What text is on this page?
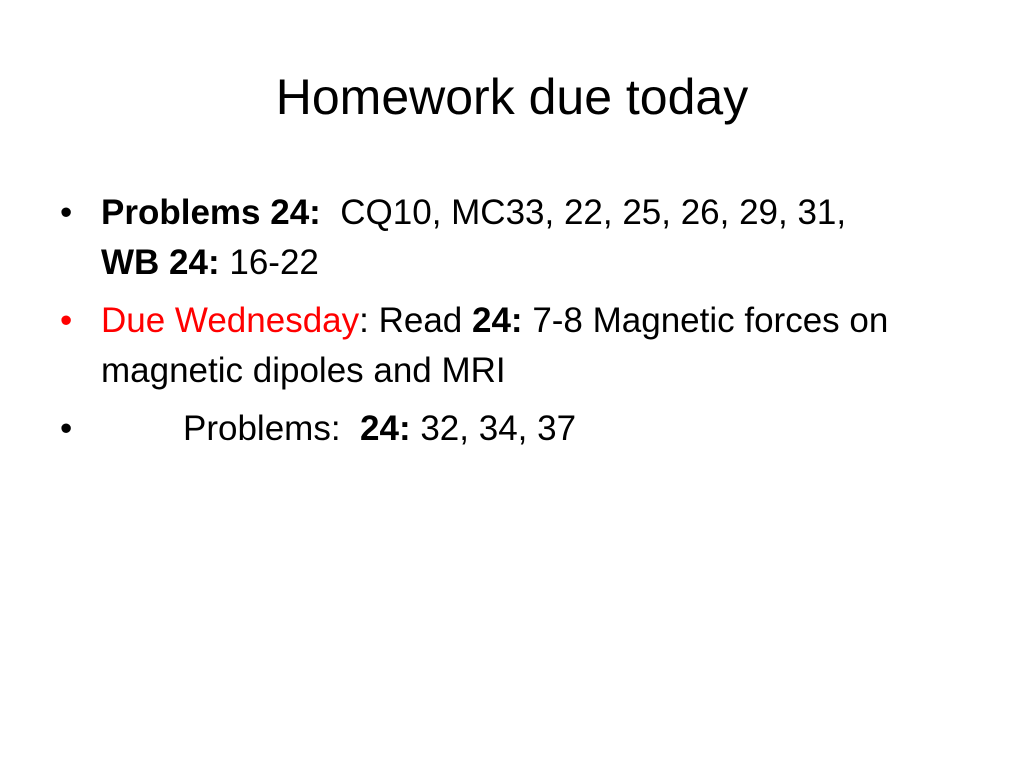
Homework due today
• Problems 24: CQ10, MC33, 22, 25, 26, 29, 31,
WB 24: 16-22
• Due Wednesday: Read 24: 7-8 Magnetic forces on magnetic dipoles and MRI
•	Problems: 24: 32, 34, 37
